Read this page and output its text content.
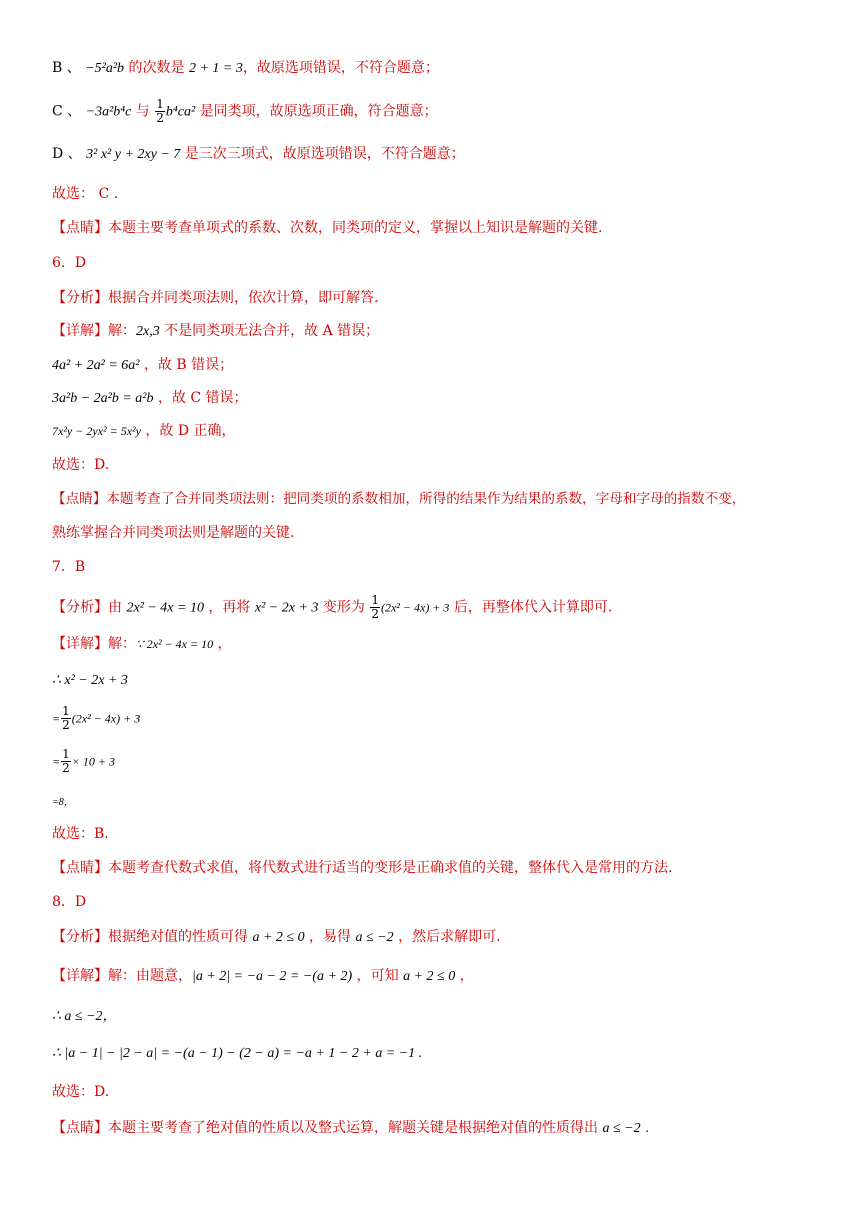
B 、 −5²a²b 的次数是 2 + 1 = 3，故原选项错误，不符合题意；
C 、 −3a²b⁴c 与 $\frac{1}{2} b^4ca^2$ 是同类项，故原选项正确，符合题意；
D 、 3² x² y + 2xy − 7 是三次三项式，故原选项错误，不符合题意；
故选： C .
【点睛】本题主要考查单项式的系数、次数，同类项的定义，掌握以上知识是解题的关键.
6．D
【分析】根据合并同类项法则，依次计算，即可解答.
【详解】解：2x,3 不是同类项无法合并，故 A 错误；
4a² + 2a² = 6a² ，故 B 错误；
3a²b − 2a²b = a²b ，故 C 错误；
7x²y − 2yx² = 5x²y ，故 D 正确，
故选：D.
【点睛】本题考查了合并同类项法则：把同类项的系数相加，所得的结果作为结果的系数，字母和字母的指数不变，
熟练掌握合并同类项法则是解题的关键.
7．B
【分析】由 2x² − 4x = 10 ，再将 x² − 2x + 3 变形为 $\frac{1}{2} (2x^2 - 4x) + 3$ 后，再整体代入计算即可.
【详解】解：∵ 2x² − 4x = 10 ，
∴ x² − 2x + 3
= $\frac{1}{2} (2x^2 - 4x) + 3$
= $\frac{1}{2} \times 10 + 3$
=8，
故选：B.
【点睛】本题考查代数式求值，将代数式进行适当的变形是正确求值的关键，整体代入是常用的方法.
8．D
【分析】根据绝对值的性质可得 a + 2 ≤ 0 ，易得 a ≤ −2 ，然后求解即可.
【详解】解：由题意，|a + 2| = −a − 2 = −(a + 2) ，可知 a + 2 ≤ 0 ，
∴ a ≤ −2，
∴ |a − 1| − |2 − a| = −(a − 1) − (2 − a) = −a + 1 − 2 + a = −1 .
故选：D.
【点睛】本题主要考查了绝对值的性质以及整式运算，解题关键是根据绝对值的性质得出 a ≤ −2 .
